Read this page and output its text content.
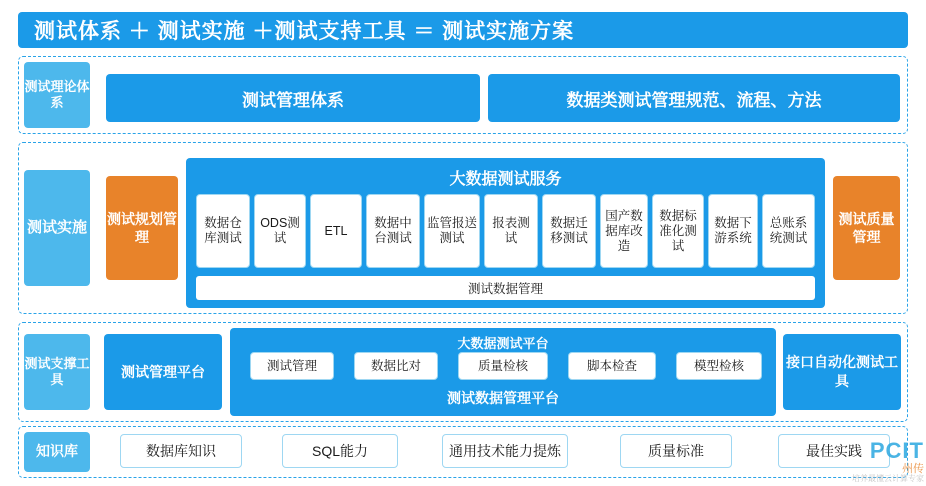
测试体系 ＋ 测试实施 ＋测试支持工具 ＝ 测试实施方案
测试理论体系	测试管理体系	数据类测试管理规范、流程、方法
测试实施 测试规划管理
测试质量管理
大数据测试服务
数据仓库测试
ODS测试
ETL
数据中台测试
监管报送测试
报表测试
数据迁移测试
国产数据库改造
数据标准化测试
数据下游系统
总账系统测试
测试数据管理
测试支撑工具	测试管理平台
接口自动化测试工具
大数据测试平台
测试管理	数据比对	质量检核	脚本检查	模型检核
测试数据管理平台
知识库	数据库知识	SQL能力	通用技术能力提炼	质量标准	最佳实践 PCIT
州传
培养最懂云计算专家
